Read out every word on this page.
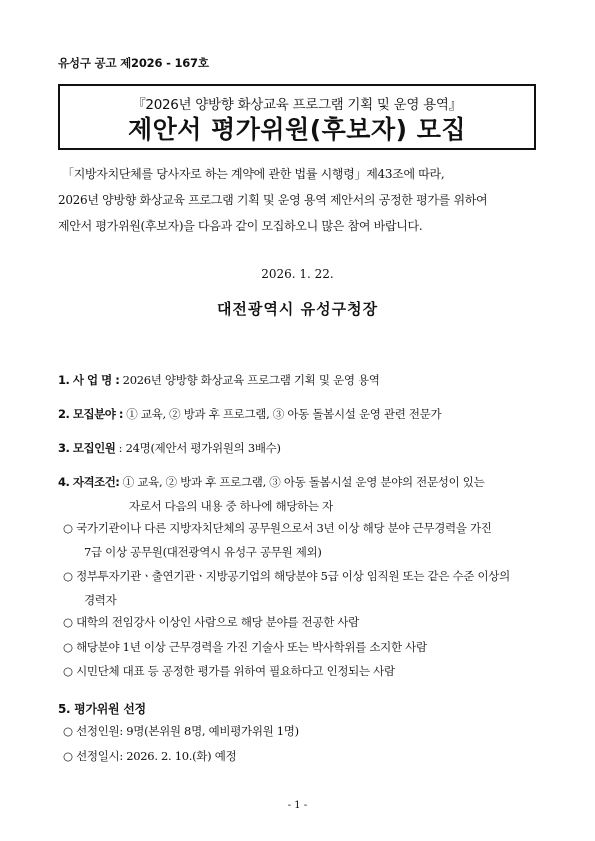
유성구 공고 제2026 - 167호
『2026년 양방향 화상교육 프로그램 기획 및 운영 용역』
제안서 평가위원(후보자) 모집
「지방자치단체를 당사자로 하는 계약에 관한 법률 시행령」제43조에 따라,
2026년 양방향 화상교육 프로그램 기획 및 운영 용역 제안서의 공정한 평가를 위하여
제안서 평가위원(후보자)을 다음과 같이 모집하오니 많은 참여 바랍니다.
2026. 1. 22.
대전광역시 유성구청장
1. 사 업 명 : 2026년 양방향 화상교육 프로그램 기획 및 운영 용역
2. 모집분야 : ① 교육, ② 방과 후 프로그램, ③ 아동 돌봄시설 운영 관련 전문가
3. 모집인원 : 24명(제안서 평가위원의 3배수)
4. 자격조건: ① 교육, ② 방과 후 프로그램, ③ 아동 돌봄시설 운영 분야의 전문성이 있는
자로서 다음의 내용 중 하나에 해당하는 자
○ 국가기관이나 다른 지방자치단체의 공무원으로서 3년 이상 해당 분야 근무경력을 가진
7급 이상 공무원(대전광역시 유성구 공무원 제외)
○ 정부투자기관ㆍ출연기관ㆍ지방공기업의 해당분야 5급 이상 임직원 또는 같은 수준 이상의
경력자
○ 대학의 전임강사 이상인 사람으로 해당 분야를 전공한 사람
○ 해당분야 1년 이상 근무경력을 가진 기술사 또는 박사학위를 소지한 사람
○ 시민단체 대표 등 공정한 평가를 위하여 필요하다고 인정되는 사람
5. 평가위원 선정
○ 선정인원: 9명(본위원 8명, 예비평가위원 1명)
○ 선정일시: 2026. 2. 10.(화) 예정
- 1 -
